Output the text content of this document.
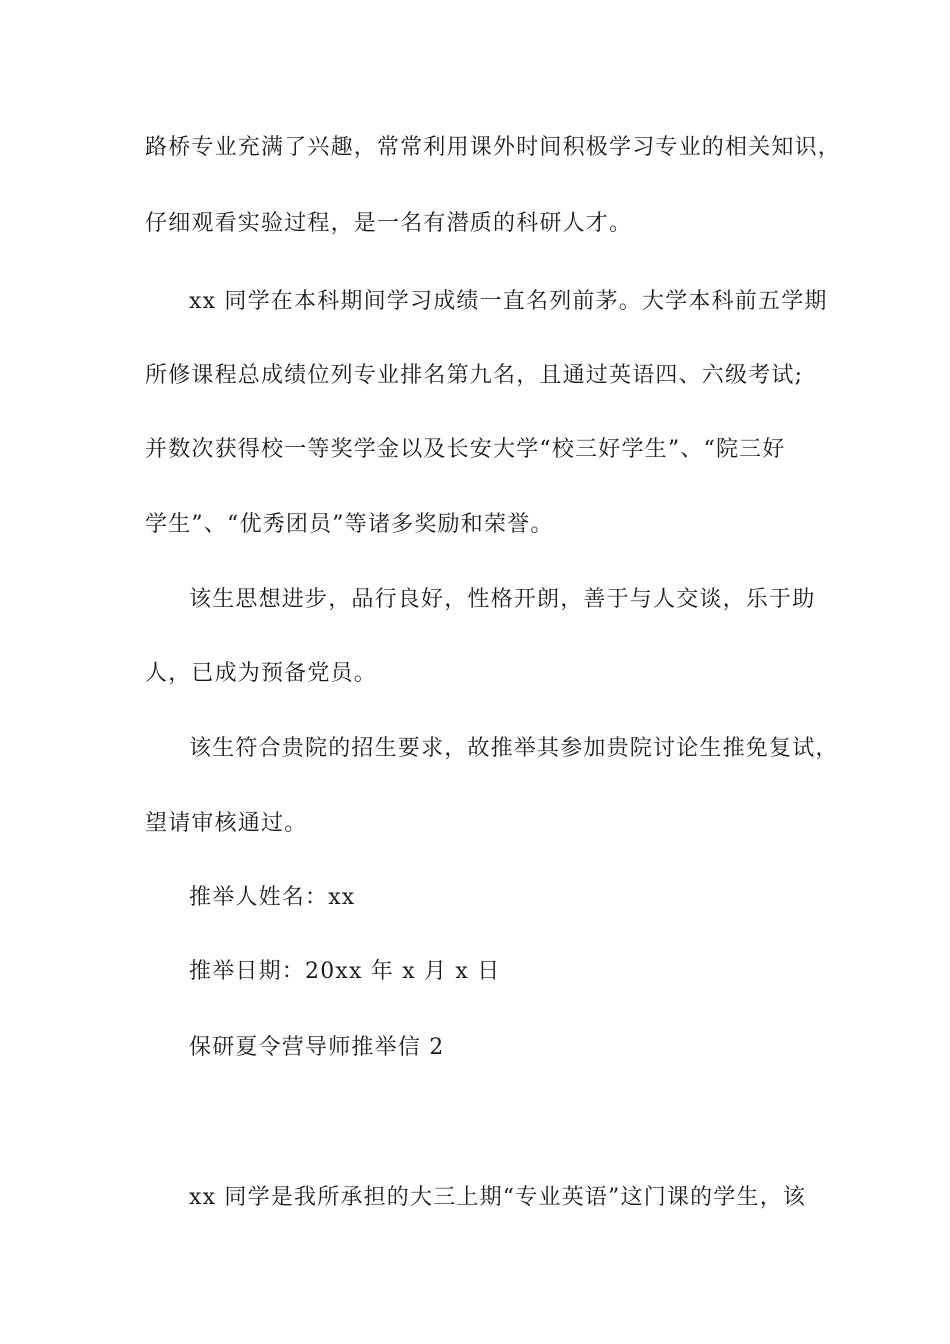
路桥专业充满了兴趣，常常利用课外时间积极学习专业的相关知识，
仔细观看实验过程，是一名有潜质的科研人才。
xx 同学在本科期间学习成绩一直名列前茅。大学本科前五学期
所修课程总成绩位列专业排名第九名，且通过英语四、六级考试;
并数次获得校一等奖学金以及长安大学“校三好学生”、“院三好
学生”、“优秀团员”等诸多奖励和荣誉。
该生思想进步，品行良好，性格开朗，善于与人交谈，乐于助
人，已成为预备党员。
该生符合贵院的招生要求，故推举其参加贵院讨论生推免复试，
望请审核通过。
推举人姓名：xx
推举日期：20xx 年 x 月 x 日
保研夏令营导师推举信 2
xx 同学是我所承担的大三上期“专业英语”这门课的学生，该
